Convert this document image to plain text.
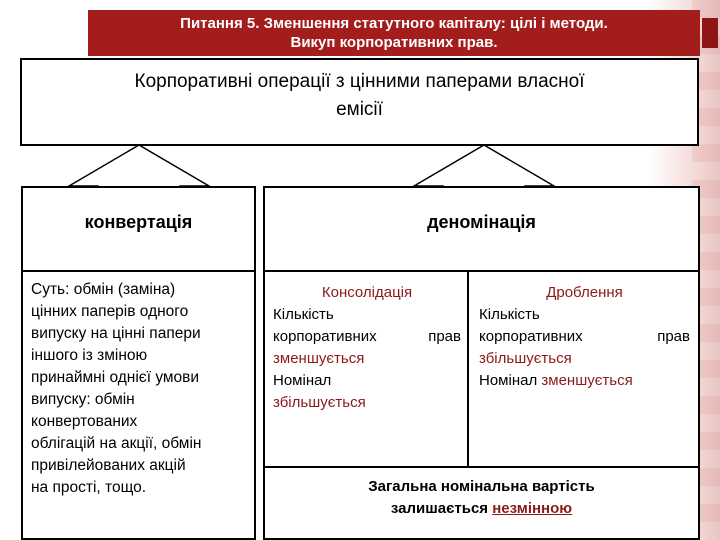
Питання 5. Зменшення статутного капіталу: цілі і методи.
Викуп корпоративних прав.
Корпоративні операції з цінними паперами власної
емісії
конвертація	деномінація
Суть: обмін (заміна)
цінних паперів одного
випуску на цінні папери
іншого із зміною
принаймні однієї умови
випуску: обмін
конвертованих
облігацій на акції, обмін
привілейованих акцій
на прості, тощо.
Консолідація
Кількість
корпоративних прав
зменшується
Номінал
збільшується
Дроблення
Кількість
корпоративних прав
збільшується
Номінал зменшується
Загальна номінальна вартість
залишається незмінною
